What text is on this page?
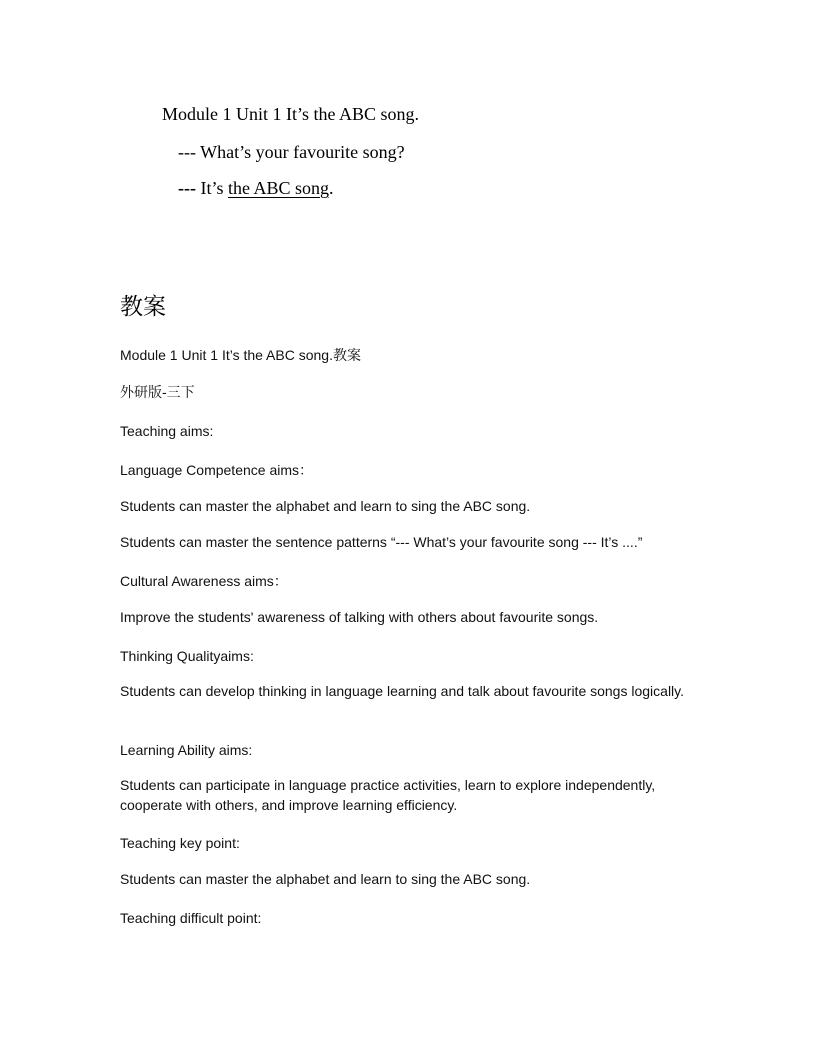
Module 1 Unit 1 It’s the ABC song.
--- What’s your favourite song?
--- It’s the ABC song.
教案

Module 1 Unit 1 It’s the ABC song.教案

外研版-三下

Teaching aims:

Language Competence aims：

Students can master the alphabet and learn to sing the ABC song.

Students can master the sentence patterns “--- What’s your favourite song --- It’s ....”

Cultural Awareness aims：

Improve the students' awareness of talking with others about favourite songs.

Thinking Qualityaims:

Students can develop thinking in language learning and talk about favourite songs logically.

Learning Ability aims:

Students can participate in language practice activities, learn to explore independently, cooperate with others, and improve learning efficiency.

Teaching key point:

Students can master the alphabet and learn to sing the ABC song.

Teaching difficult point:
